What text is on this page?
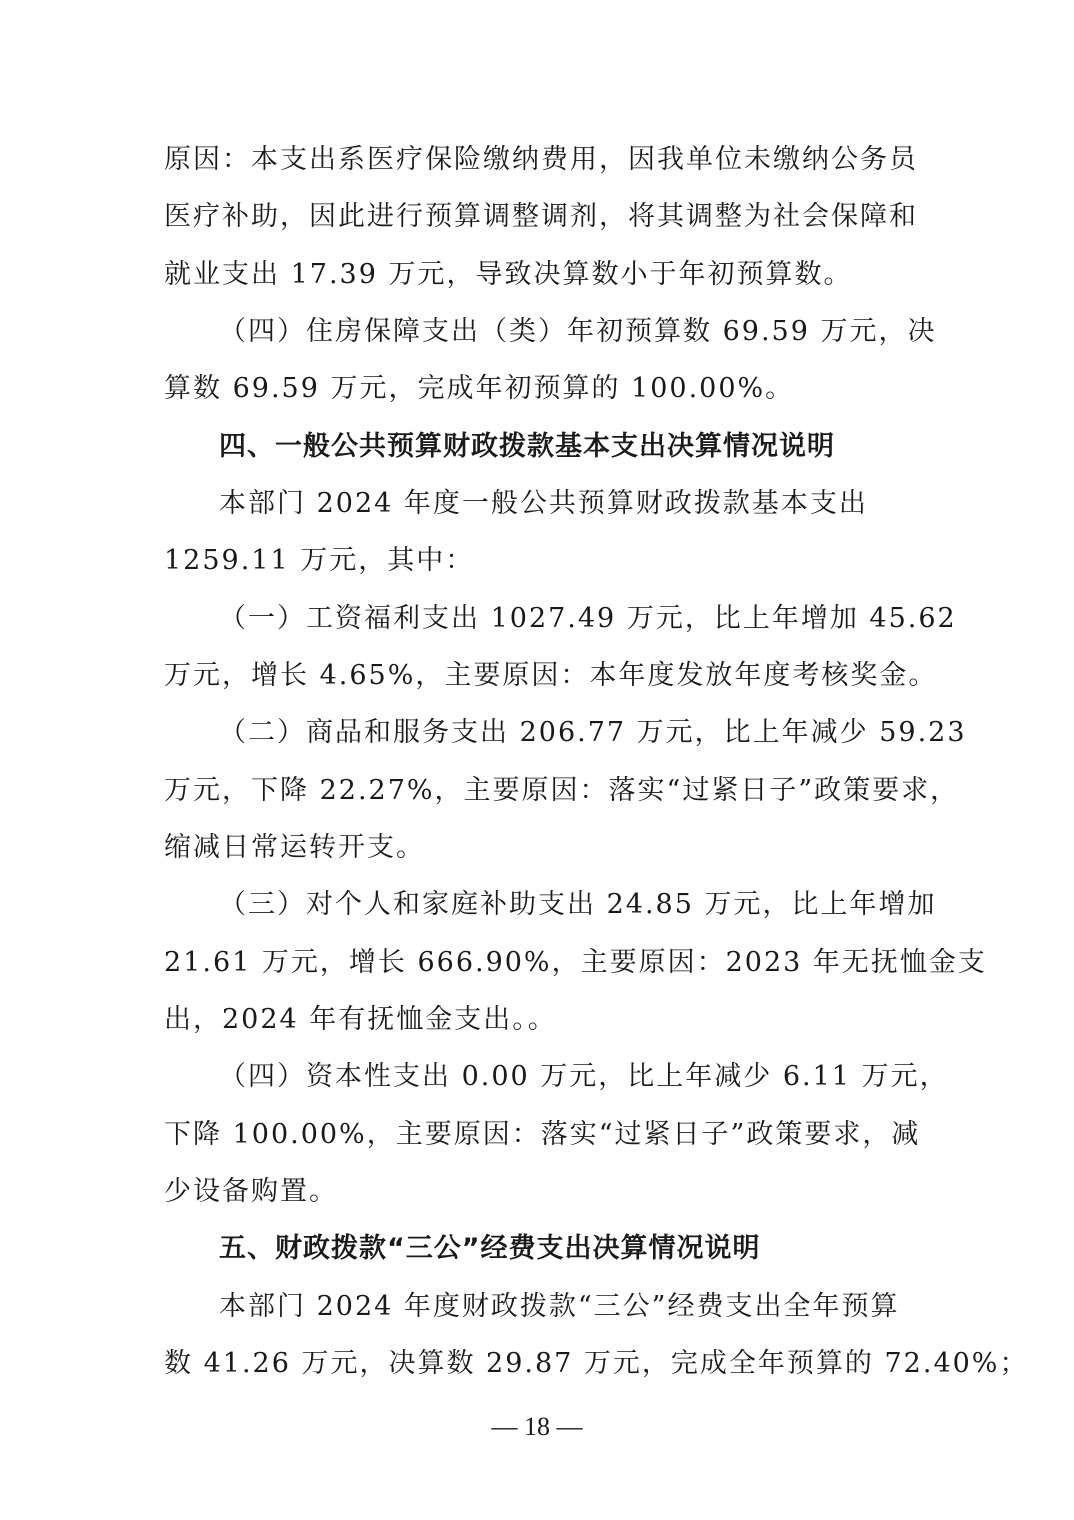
原因：本支出系医疗保险缴纳费用，因我单位未缴纳公务员
医疗补助，因此进行预算调整调剂，将其调整为社会保障和
就业支出 17.39 万元，导致决算数小于年初预算数。
（四）住房保障支出（类）年初预算数 69.59 万元，决
算数 69.59 万元，完成年初预算的 100.00%。
四、一般公共预算财政拨款基本支出决算情况说明
本部门 2024 年度一般公共预算财政拨款基本支出
1259.11 万元，其中：
（一）工资福利支出 1027.49 万元，比上年增加 45.62
万元，增长 4.65%，主要原因：本年度发放年度考核奖金。
（二）商品和服务支出 206.77 万元，比上年减少 59.23
万元，下降 22.27%，主要原因：落实“过紧日子”政策要求，
缩减日常运转开支。
（三）对个人和家庭补助支出 24.85 万元，比上年增加
21.61 万元，增长 666.90%，主要原因：2023 年无抚恤金支
出，2024 年有抚恤金支出。。
（四）资本性支出 0.00 万元，比上年减少 6.11 万元，
下降 100.00%，主要原因：落实“过紧日子”政策要求，减
少设备购置。
五、财政拨款“三公”经费支出决算情况说明
本部门 2024 年度财政拨款“三公”经费支出全年预算
数 41.26 万元，决算数 29.87 万元，完成全年预算的 72.40%；
— 18 —
